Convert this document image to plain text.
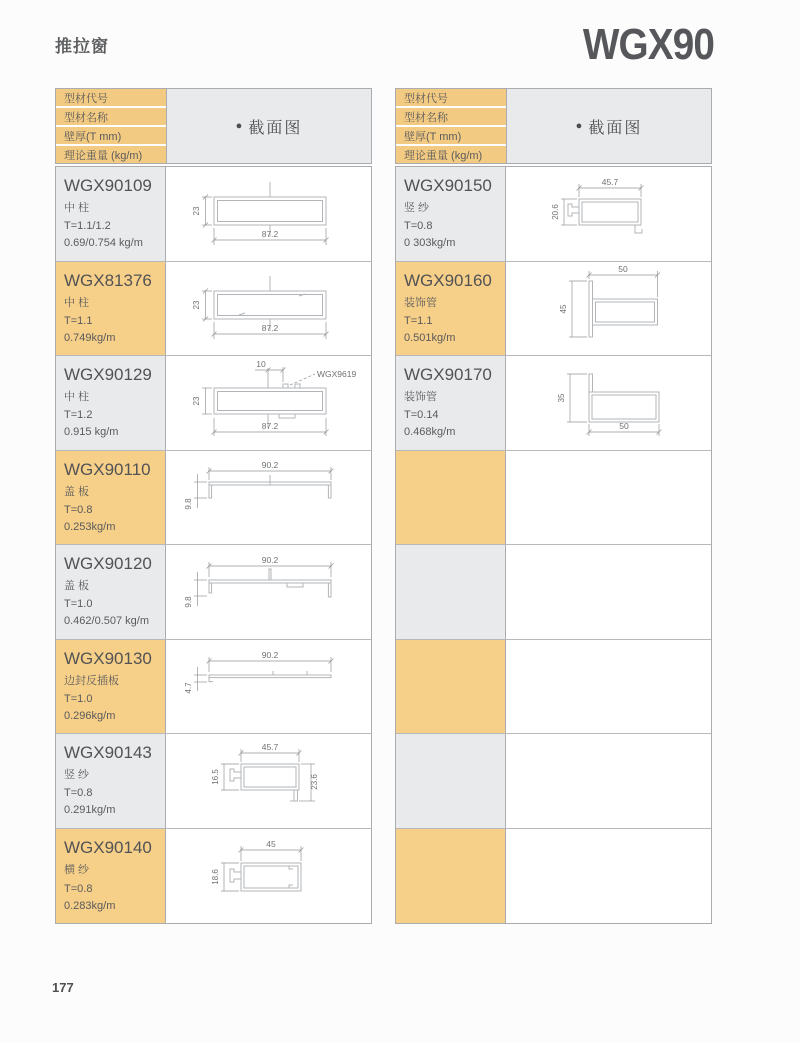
推拉窗	WGX90
型材代号
型材名称
壁厚(T mm)
理论重量 (kg/m)
● 截面图
WGX90109
中 柱
T=1.1/1.2
0.69/0.754 kg/m
23
87.2
WGX81376
中 柱
T=1.1
0.749kg/m
23
87.2
WGX90129
中 柱
T=1.2
0.915 kg/m
10
WGX9619
23
87.2
WGX90110
盖 板
T=0.8
0.253kg/m
90.2
9.8
WGX90120
盖 板
T=1.0
0.462/0.507 kg/m
90.2
9.8
WGX90130
边封反插板
T=1.0
0.296kg/m
90.2
4.7
WGX90143
竖 纱
T=0.8
0.291kg/m
45.7
16.5	23.6
WGX90140
横 纱
T=0.8
0.283kg/m
45
18.6
型材代号
型材名称
壁厚(T mm)
理论重量 (kg/m)
● 截面图
WGX90150
竖 纱
T=0.8
0 303kg/m
45.7
20.6
WGX90160
装饰管
T=1.1
0.501kg/m
50
45
WGX90170
装饰管
T=0.14
0.468kg/m
35
50
177
